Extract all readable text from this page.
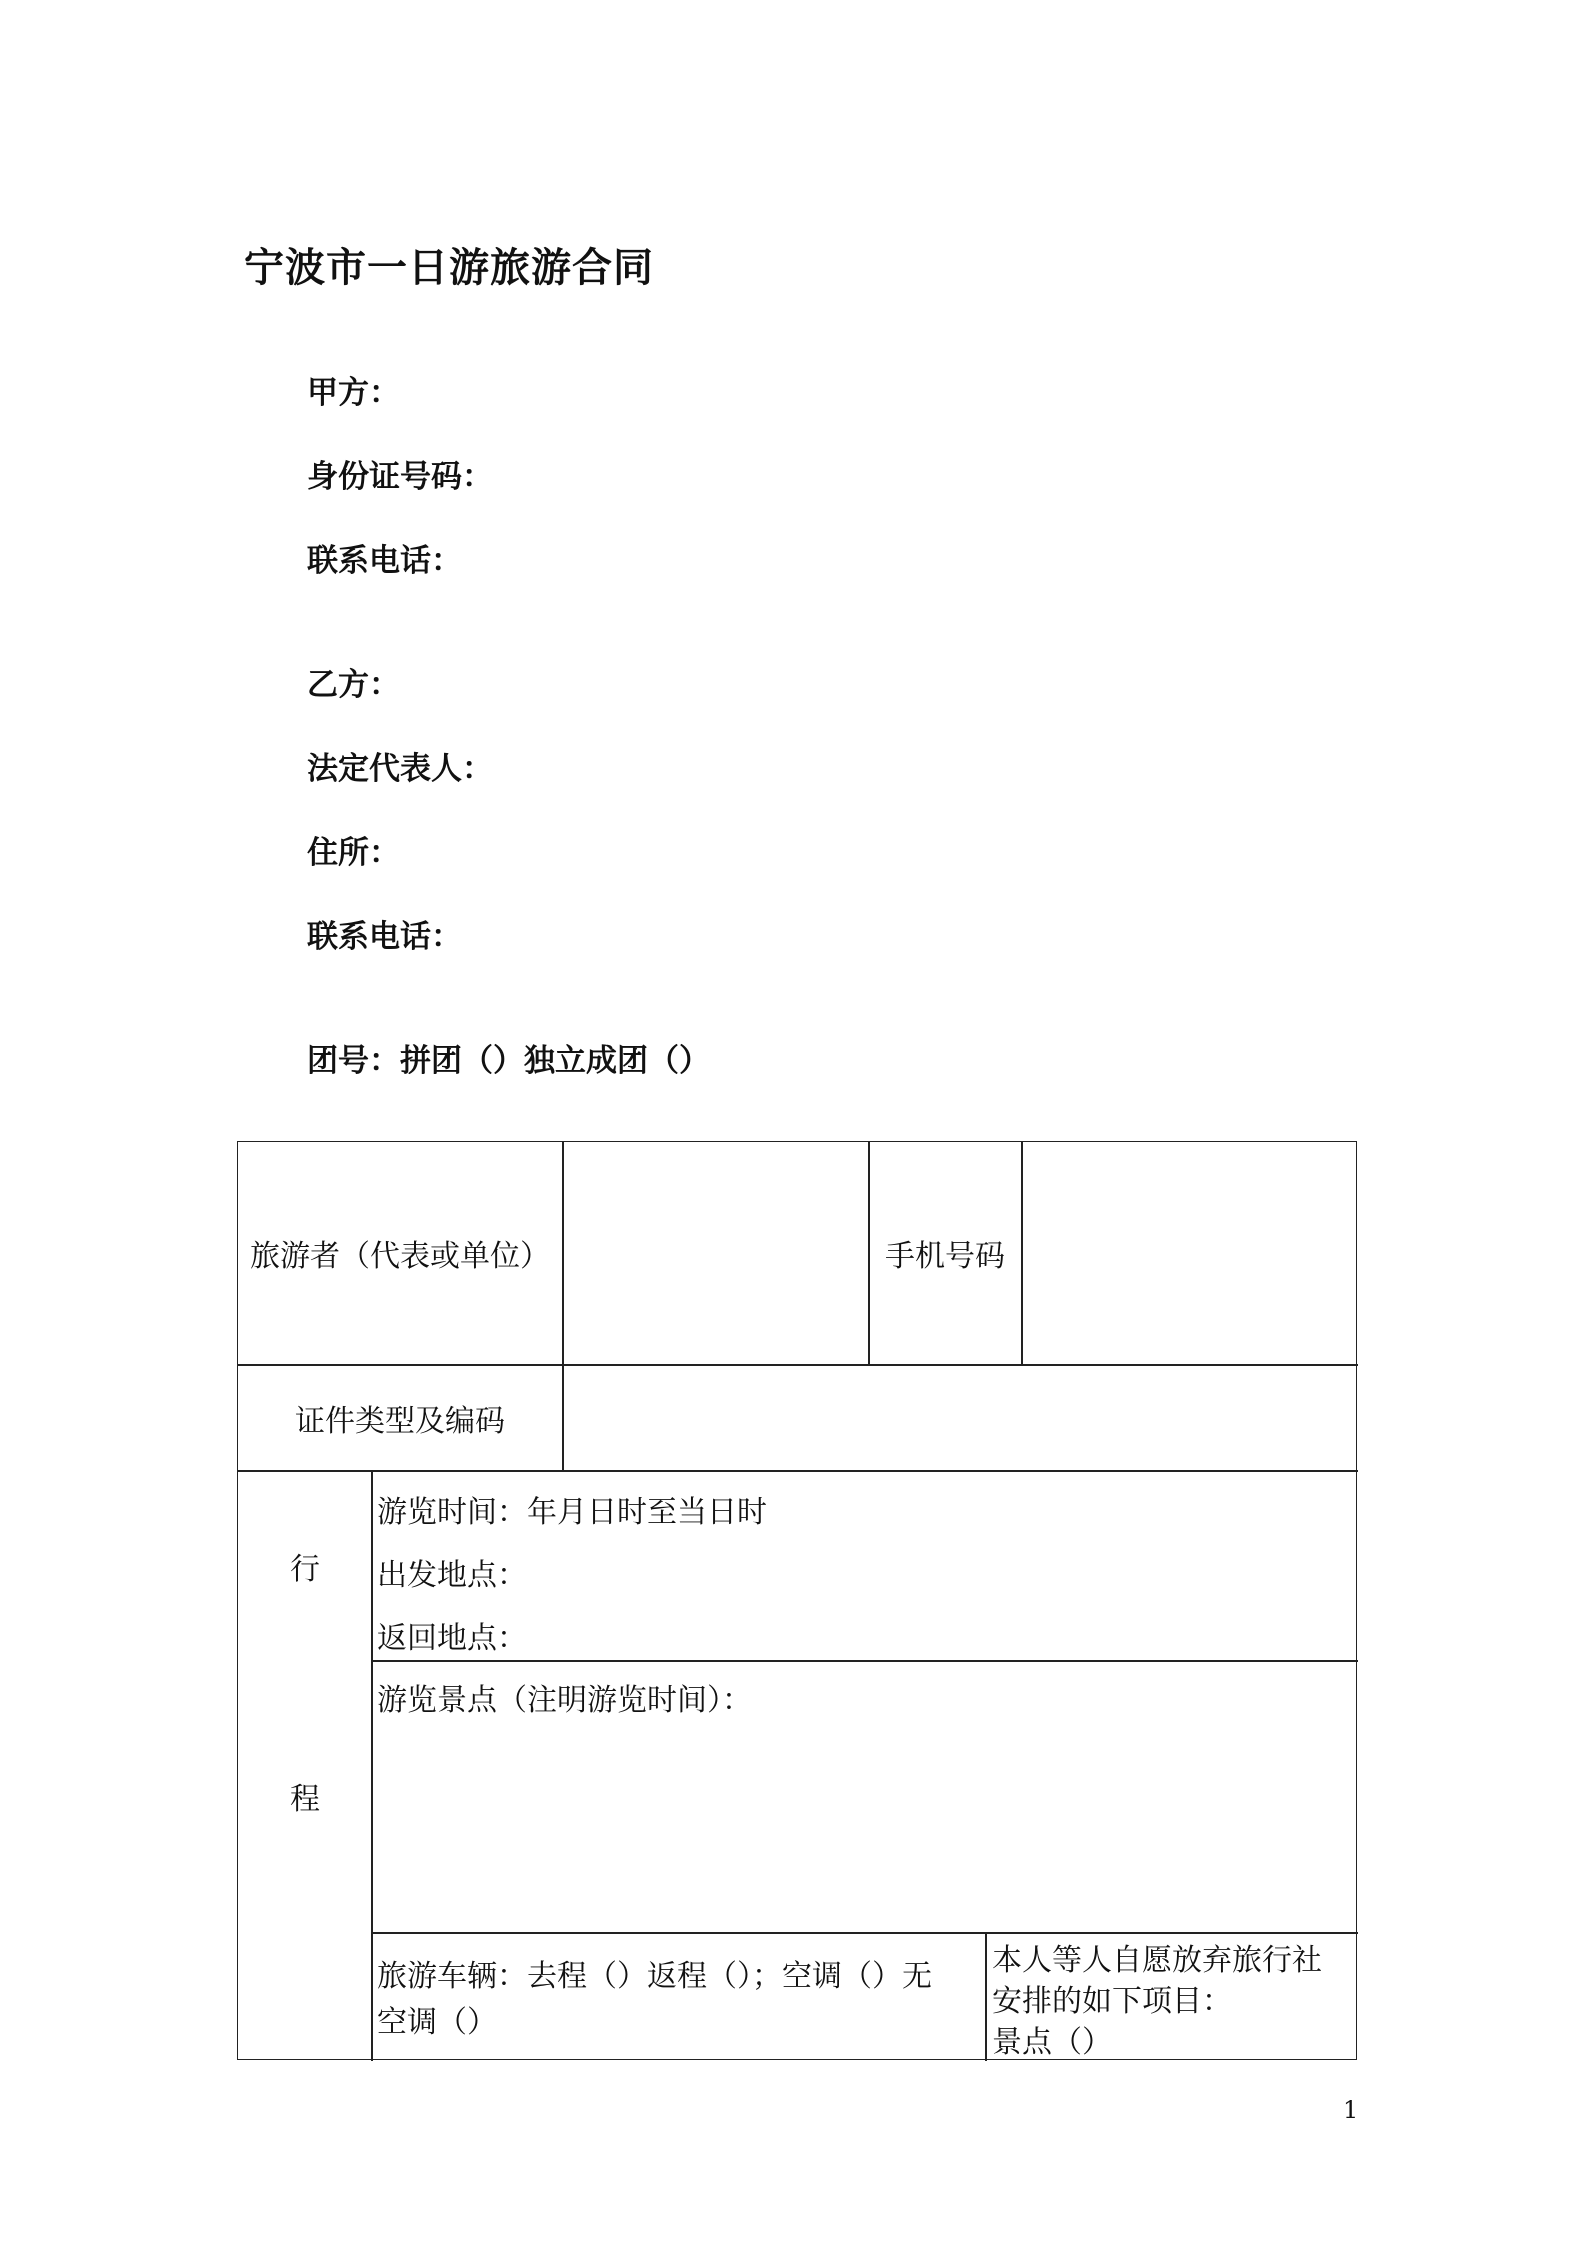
宁波市一日游旅游合同
甲方：
身份证号码：
联系电话：
乙方：
法定代表人：
住所：
联系电话：
团号：拼团（）独立成团（）
旅游者（代表或单位）	手机号码
证件类型及编码
行
程
游览时间：年月日时至当日时
出发地点：
返回地点：
游览景点（注明游览时间）：
旅游车辆：去程（）返程（）；空调（）无
空调（）
本人等人自愿放弃旅行社
安排的如下项目：
景点（）
1
